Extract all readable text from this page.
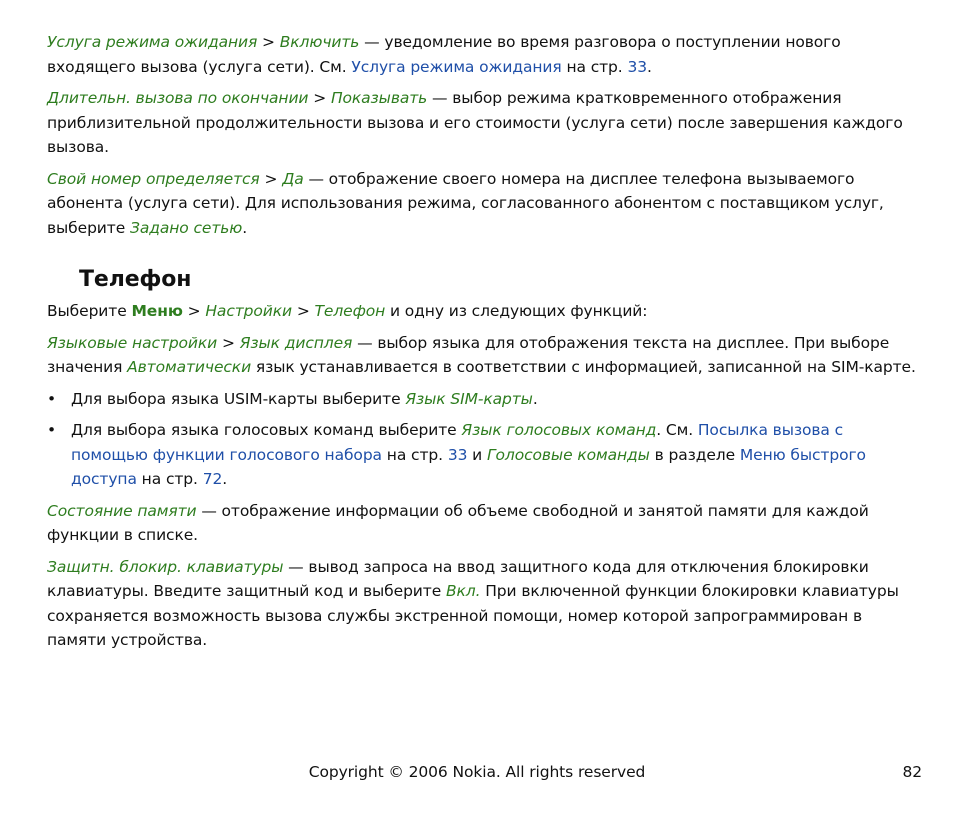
Услуга режима ожидания > Включить — уведомление во время разговора о поступлении нового входящего вызова (услуга сети). См. Услуга режима ожидания на стр. 33.

Длительн. вызова по окончании > Показывать — выбор режима кратковременного отображения приблизительной продолжительности вызова и его стоимости (услуга сети) после завершения каждого вызова.

Свой номер определяется > Да — отображение своего номера на дисплее телефона вызываемого абонента (услуга сети). Для использования режима, согласованного абонентом с поставщиком услуг, выберите Задано сетью.

Телефон

Выберите Меню > Настройки > Телефон и одну из следующих функций:

Языковые настройки > Язык дисплея — выбор языка для отображения текста на дисплее. При выборе значения Автоматически язык устанавливается в соответствии с информацией, записанной на SIM-карте.

• Для выбора языка USIM-карты выберите Язык SIM-карты.
• Для выбора языка голосовых команд выберите Язык голосовых команд. См. Посылка вызова с помощью функции голосового набора на стр. 33 и Голосовые команды в разделе Меню быстрого доступа на стр. 72.

Состояние памяти — отображение информации об объеме свободной и занятой памяти для каждой функции в списке.

Защитн. блокир. клавиатуры — вывод запроса на ввод защитного кода для отключения блокировки клавиатуры. Введите защитный код и выберите Вкл. При включенной функции блокировки клавиатуры сохраняется возможность вызова службы экстренной помощи, номер которой запрограммирован в памяти устройства.

Copyright © 2006 Nokia. All rights reserved	82
